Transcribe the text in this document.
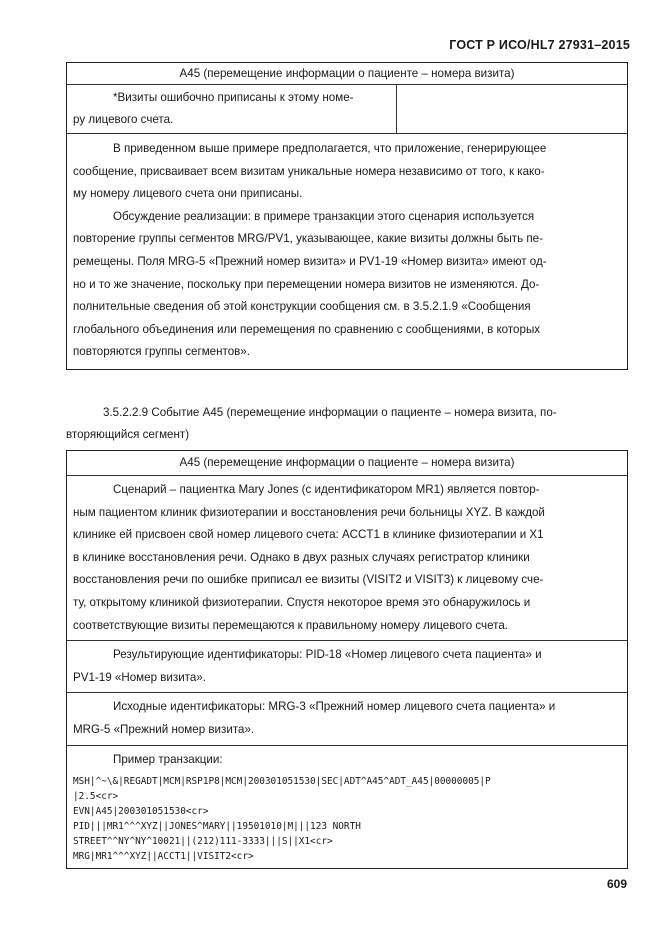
ГОСТ Р ИСО/HL7 27931–2015
A45 (перемещение информации о пациенте – номера визита)

*Визиты ошибочно приписаны к этому номе-

ру лицевого счета.

В приведенном выше примере предполагается, что приложение, генерирующее

сообщение, присваивает всем визитам уникальные номера независимо от того, к како-

му номеру лицевого счета они приписаны.

Обсуждение реализации: в примере транзакции этого сценария используется

повторение группы сегментов MRG/PV1, указывающее, какие визиты должны быть пе-

ремещены. Поля MRG-5 «Прежний номер визита» и PV1-19 «Номер визита» имеют од-

но и то же значение, поскольку при перемещении номера визитов не изменяются. До-

полнительные сведения об этой конструкции сообщения см. в 3.5.2.1.9 «Сообщения

глобального объединения или перемещения по сравнению с сообщениями, в которых

повторяются группы сегментов».

3.5.2.2.9 Событие A45 (перемещение информации о пациенте – номера визита, по-

вторяющийся сегмент)

A45 (перемещение информации о пациенте – номера визита)

Сценарий – пациентка Mary Jones (с идентификатором MR1) является повтор-

ным пациентом клиник физиотерапии и восстановления речи больницы XYZ. В каждой

клинике ей присвоен свой номер лицевого счета: ACCT1 в клинике физиотерапии и X1

в клинике восстановления речи. Однако в двух разных случаях регистратор клиники

восстановления речи по ошибке приписал ее визиты (VISIT2 и VISIT3) к лицевому сче-

ту, открытому клиникой физиотерапии. Спустя некоторое время это обнаружилось и

соответствующие визиты перемещаются к правильному номеру лицевого счета.

Результирующие идентификаторы: PID-18 «Номер лицевого счета пациента» и

PV1-19 «Номер визита».

Исходные идентификаторы: MRG-3 «Прежний номер лицевого счета пациента» и

MRG-5 «Прежний номер визита».

Пример транзакции:

MSH|^~\&|REGADT|MCM|RSP1P8|MCM|200301051530|SEC|ADT^A45^ADT_A45|00000005|P

|2.5<cr>

EVN|A45|200301051530<cr>

PID|||MR1^^^XYZ||JONES^MARY||19501010|M|||123 NORTH

STREET^^NY^NY^10021||(212)111-3333|||S||X1<cr>

MRG|MR1^^^XYZ||ACCT1||VISIT2<cr>

609
